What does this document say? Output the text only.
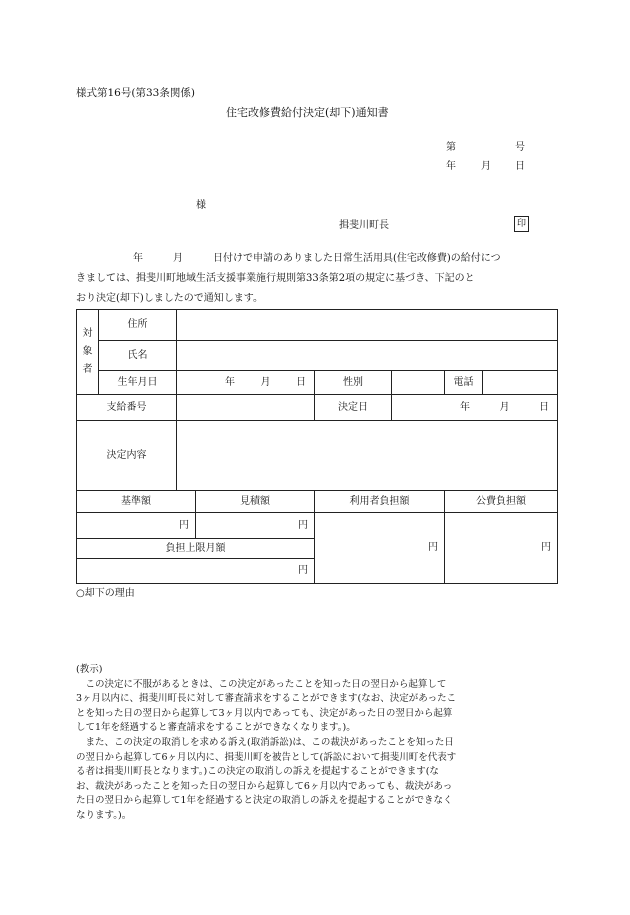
様式第16号(第33条関係)
住宅改修費給付決定(却下)通知書
第	号
年	月 日
様
揖斐川町長	印
年	月	日付けで申請のありました日常生活用具(住宅改修費)の給付につ
きましては、揖斐川町地域生活支援事業施行規則第33条第2項の規定に基づき、下記のと
おり決定(却下)しましたので通知します。
対象者	住所						
	氏名						
	生年月日	年 月 日		性別		電話	
支給番号				決定日	年 月 日		

決定内容							
基準額			見積額	利用者負担額		公費負担額	
円			円	円		円	
負担上限月額							
円							
○却下の理由
(教示)
　この決定に不服があるときは、この決定があったことを知った日の翌日から起算して
3ヶ月以内に、揖斐川町長に対して審査請求をすることができます(なお、決定があったこ
とを知った日の翌日から起算して3ヶ月以内であっても、決定があった日の翌日から起算
して1年を経過すると審査請求をすることができなくなります。)。
　また、この決定の取消しを求める訴え(取消訴訟)は、この裁決があったことを知った日
の翌日から起算して6ヶ月以内に、揖斐川町を被告として(訴訟において揖斐川町を代表す
る者は揖斐川町長となります。)この決定の取消しの訴えを提起することができます(な
お、裁決があったことを知った日の翌日から起算して6ヶ月以内であっても、裁決があっ
た日の翌日から起算して1年を経過すると決定の取消しの訴えを提起することができなく
なります。)。
